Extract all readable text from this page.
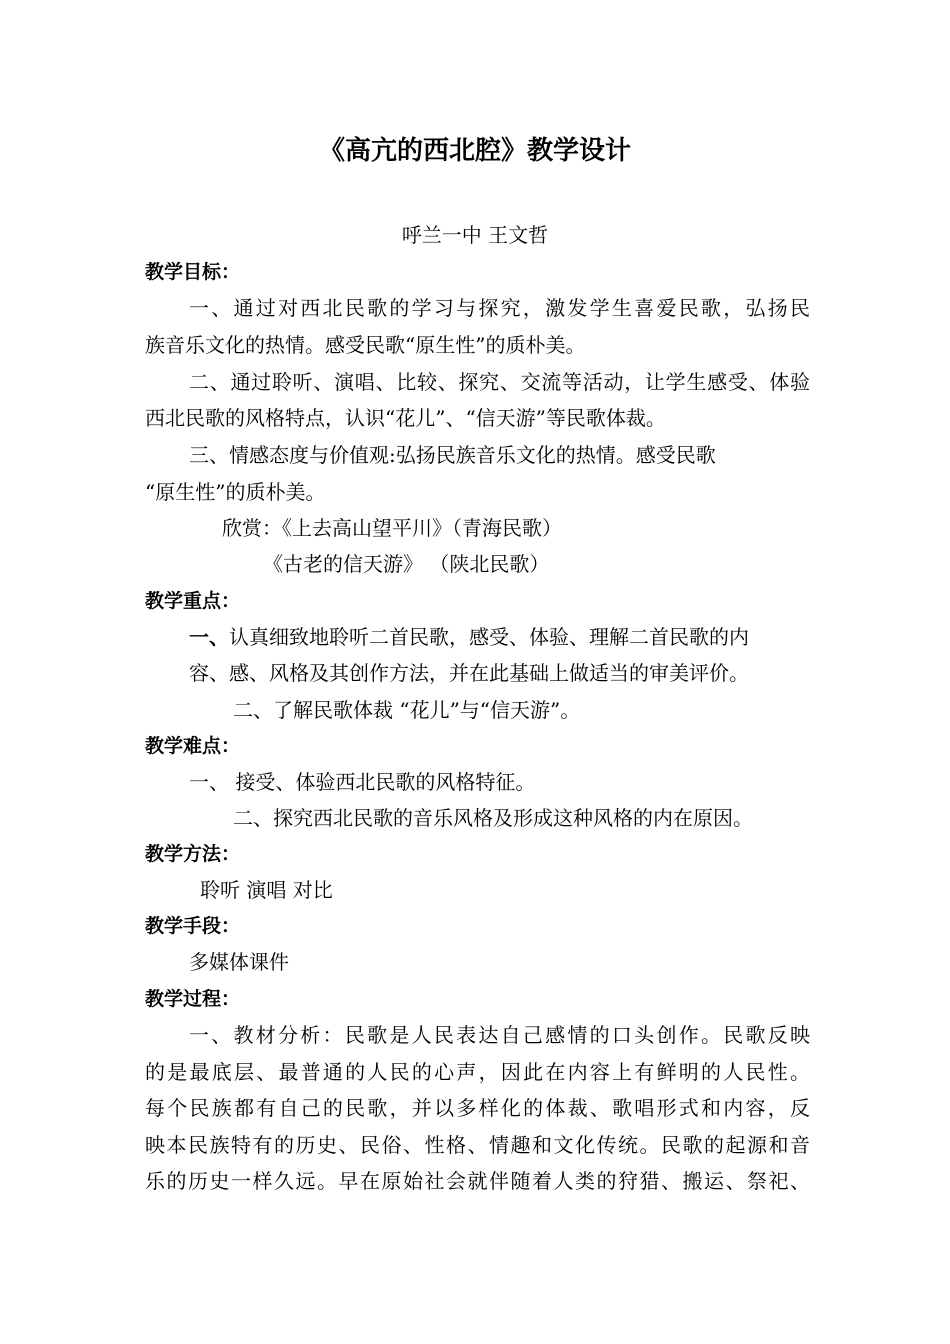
《高亢的西北腔》教学设计
呼兰一中 王文哲
教学目标：
一、通过对西北民歌的学习与探究，激发学生喜爱民歌，弘扬民
族音乐文化的热情。感受民歌“原生性”的质朴美。
二、通过聆听、演唱、比较、探究、交流等活动，让学生感受、体验
西北民歌的风格特点，认识“花儿”、“信天游”等民歌体裁。
三、情感态度与价值观:弘扬民族音乐文化的热情。感受民歌
“原生性”的质朴美。
欣赏：《上去高山望平川》（青海民歌）
《古老的信天游》 （陕北民歌）
教学重点：
一、认真细致地聆听二首民歌，感受、体验、理解二首民歌的内
容、感、风格及其创作方法，并在此基础上做适当的审美评价。
二、了解民歌体裁 “花儿”与“信天游”。
教学难点：
一、 接受、体验西北民歌的风格特征。
二、探究西北民歌的音乐风格及形成这种风格的内在原因。
教学方法：
聆听 演唱 对比
教学手段：
多媒体课件
教学过程：
一、教材分析：民歌是人民表达自己感情的口头创作。民歌反映
的是最底层、最普通的人民的心声，因此在内容上有鲜明的人民性。
每个民族都有自己的民歌，并以多样化的体裁、歌唱形式和内容，反
映本民族特有的历史、民俗、性格、情趣和文化传统。民歌的起源和音
乐的历史一样久远。早在原始社会就伴随着人类的狩猎、搬运、祭祀、
